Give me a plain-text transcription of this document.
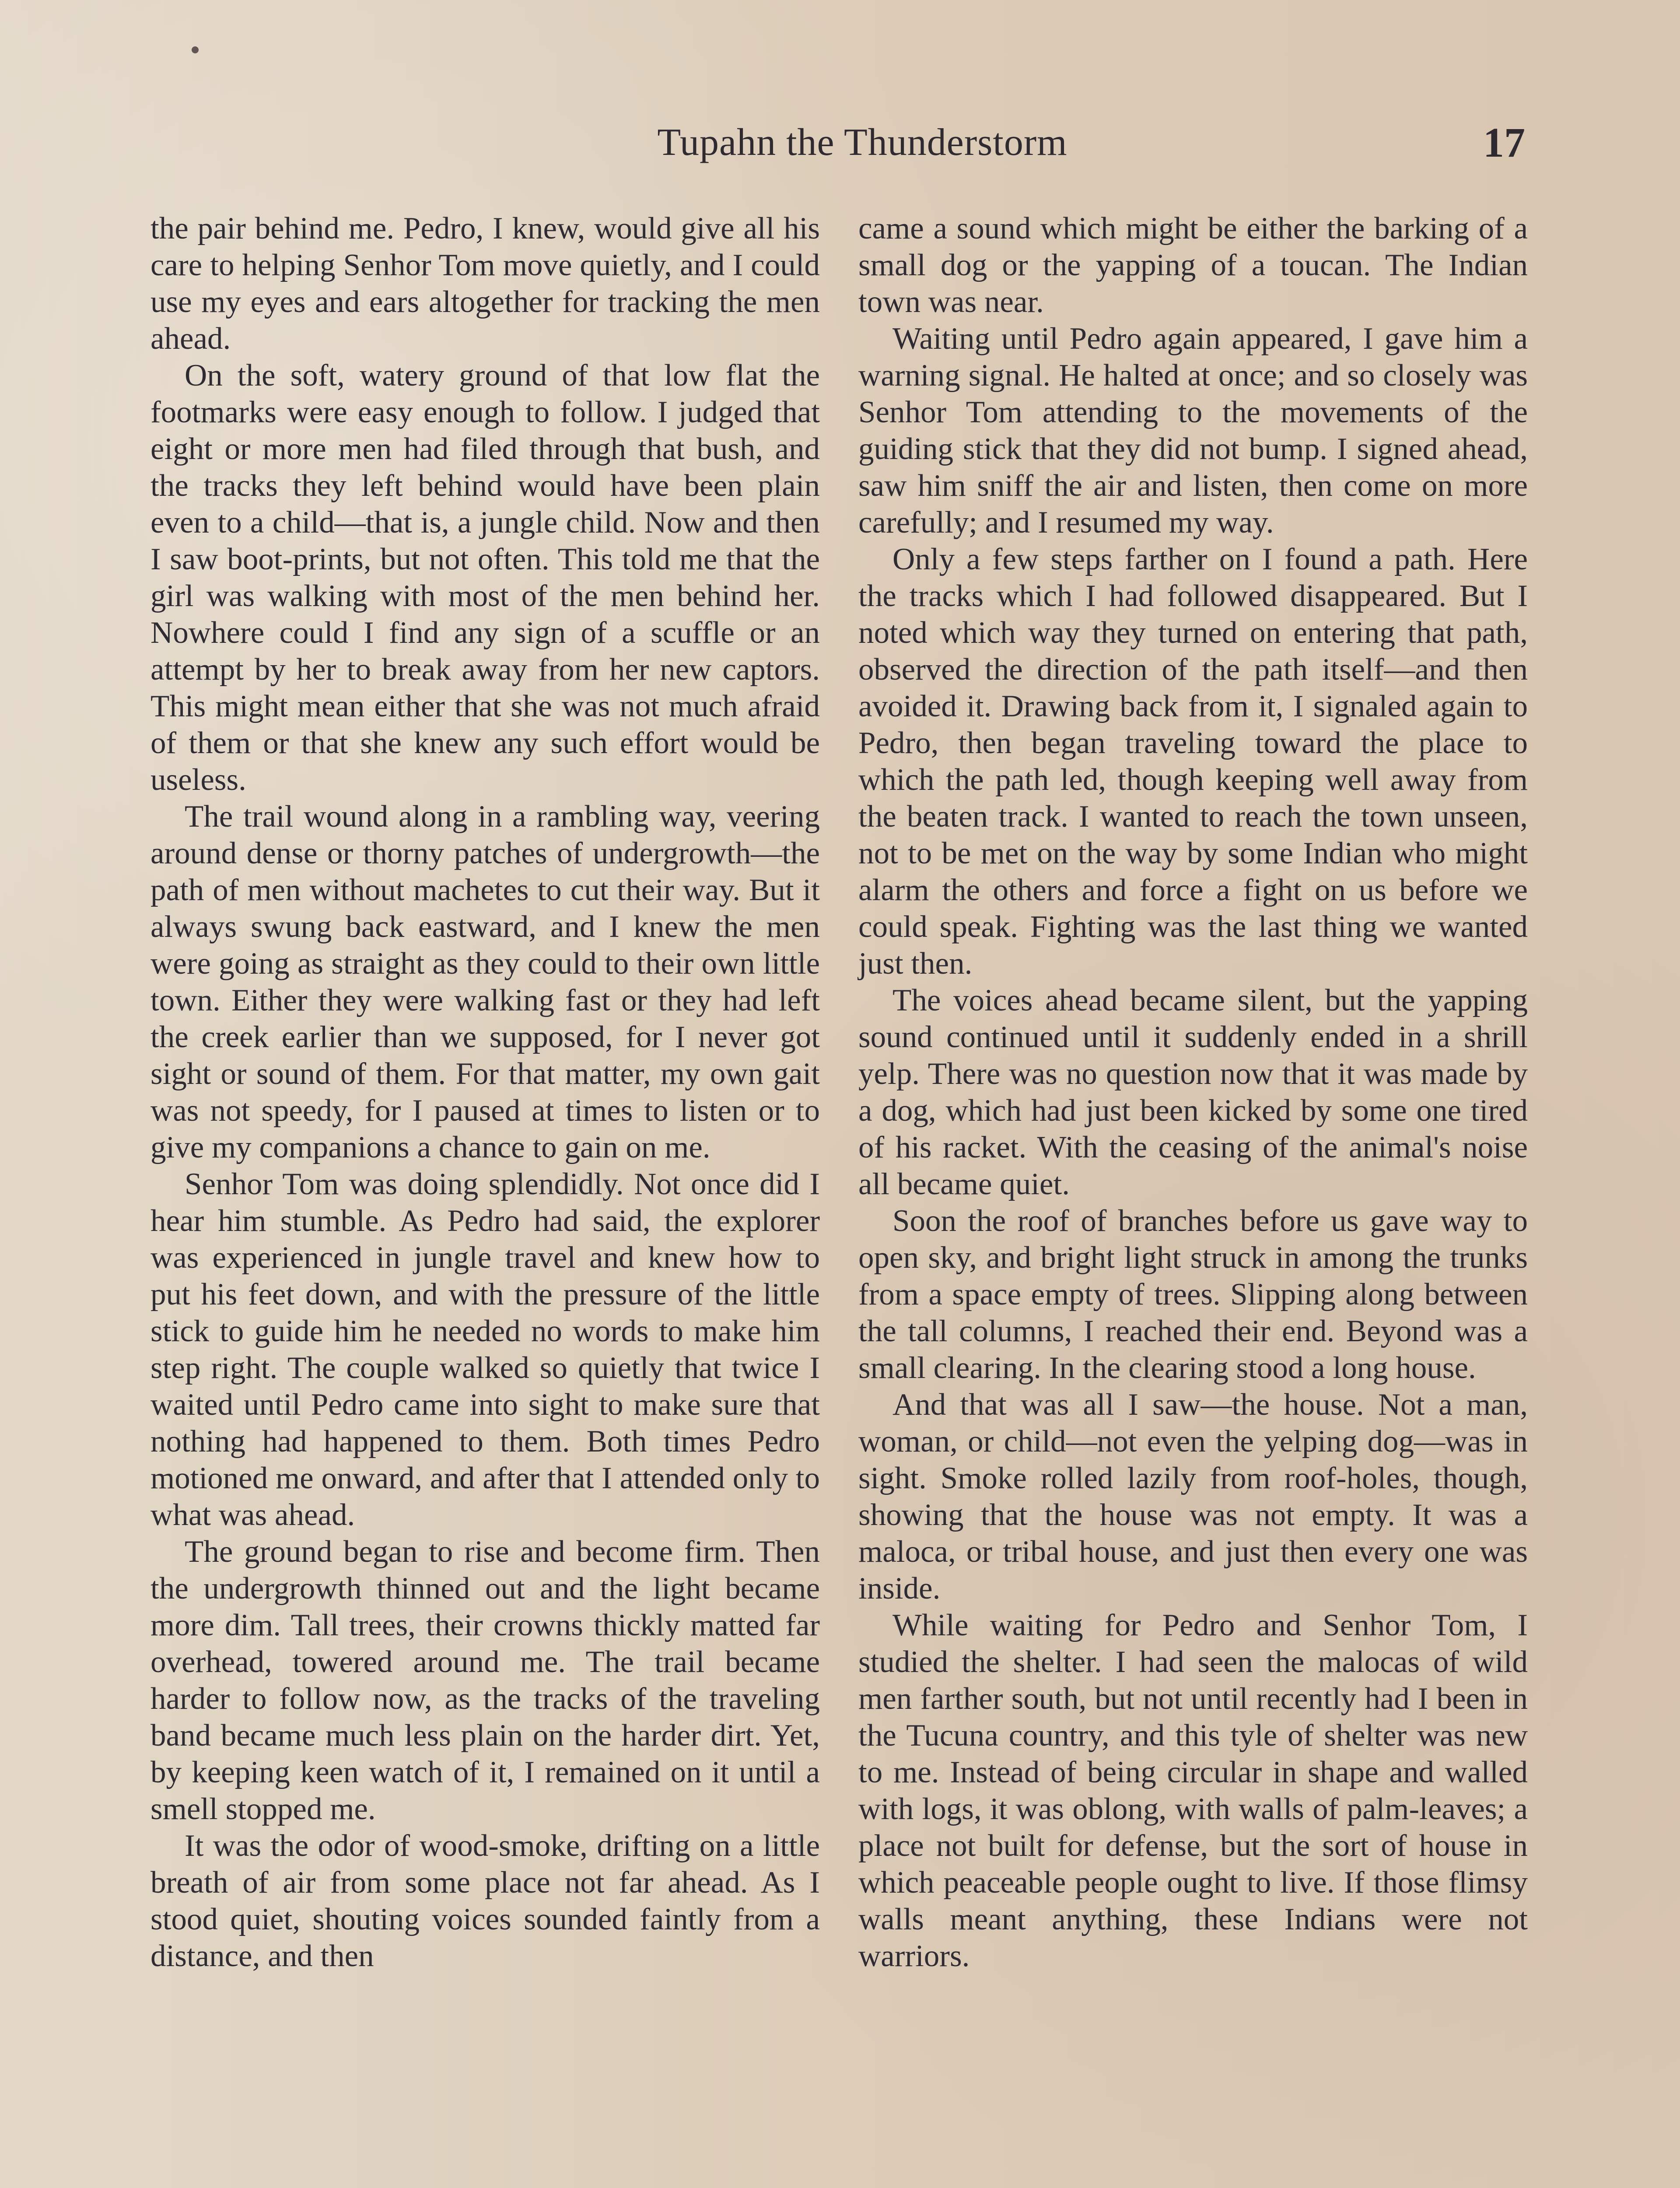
Tupahn the Thunderstorm	17

the pair behind me. Pedro, I knew, would give all his care to helping Senhor Tom move quietly, and I could use my eyes and ears altogether for tracking the men ahead.

On the soft, watery ground of that low flat the footmarks were easy enough to follow. I judged that eight or more men had filed through that bush, and the tracks they left behind would have been plain even to a child—that is, a jungle child. Now and then I saw boot-prints, but not often. This told me that the girl was walking with most of the men behind her. Nowhere could I find any sign of a scuffle or an attempt by her to break away from her new captors. This might mean either that she was not much afraid of them or that she knew any such effort would be useless.

The trail wound along in a rambling way, veering around dense or thorny patches of undergrowth—the path of men without machetes to cut their way. But it always swung back eastward, and I knew the men were going as straight as they could to their own little town. Either they were walking fast or they had left the creek earlier than we supposed, for I never got sight or sound of them. For that matter, my own gait was not speedy, for I paused at times to listen or to give my companions a chance to gain on me.

Senhor Tom was doing splendidly. Not once did I hear him stumble. As Pedro had said, the explorer was experienced in jungle travel and knew how to put his feet down, and with the pressure of the little stick to guide him he needed no words to make him step right. The couple walked so quietly that twice I waited until Pedro came into sight to make sure that nothing had happened to them. Both times Pedro motioned me onward, and after that I attended only to what was ahead.

The ground began to rise and become firm. Then the undergrowth thinned out and the light became more dim. Tall trees, their crowns thickly matted far overhead, towered around me. The trail became harder to follow now, as the tracks of the traveling band became much less plain on the harder dirt. Yet, by keeping keen watch of it, I remained on it until a smell stopped me.

It was the odor of wood-smoke, drifting on a little breath of air from some place not far ahead. As I stood quiet, shouting voices sounded faintly from a distance, and then

came a sound which might be either the barking of a small dog or the yapping of a toucan. The Indian town was near.

Waiting until Pedro again appeared, I gave him a warning signal. He halted at once; and so closely was Senhor Tom attending to the movements of the guiding stick that they did not bump. I signed ahead, saw him sniff the air and listen, then come on more carefully; and I resumed my way.

Only a few steps farther on I found a path. Here the tracks which I had followed disappeared. But I noted which way they turned on entering that path, observed the direction of the path itself—and then avoided it. Drawing back from it, I signaled again to Pedro, then began traveling toward the place to which the path led, though keeping well away from the beaten track. I wanted to reach the town unseen, not to be met on the way by some Indian who might alarm the others and force a fight on us before we could speak. Fighting was the last thing we wanted just then.

The voices ahead became silent, but the yapping sound continued until it suddenly ended in a shrill yelp. There was no question now that it was made by a dog, which had just been kicked by some one tired of his racket. With the ceasing of the animal's noise all became quiet.

Soon the roof of branches before us gave way to open sky, and bright light struck in among the trunks from a space empty of trees. Slipping along between the tall columns, I reached their end. Beyond was a small clearing. In the clearing stood a long house.

And that was all I saw—the house. Not a man, woman, or child—not even the yelping dog—was in sight. Smoke rolled lazily from roof-holes, though, showing that the house was not empty. It was a maloca, or tribal house, and just then every one was inside.

While waiting for Pedro and Senhor Tom, I studied the shelter. I had seen the malocas of wild men farther south, but not until recently had I been in the Tucuna country, and this tyle of shelter was new to me. Instead of being circular in shape and walled with logs, it was oblong, with walls of palm-leaves; a place not built for defense, but the sort of house in which peaceable people ought to live. If those flimsy walls meant anything, these Indians were not warriors.
